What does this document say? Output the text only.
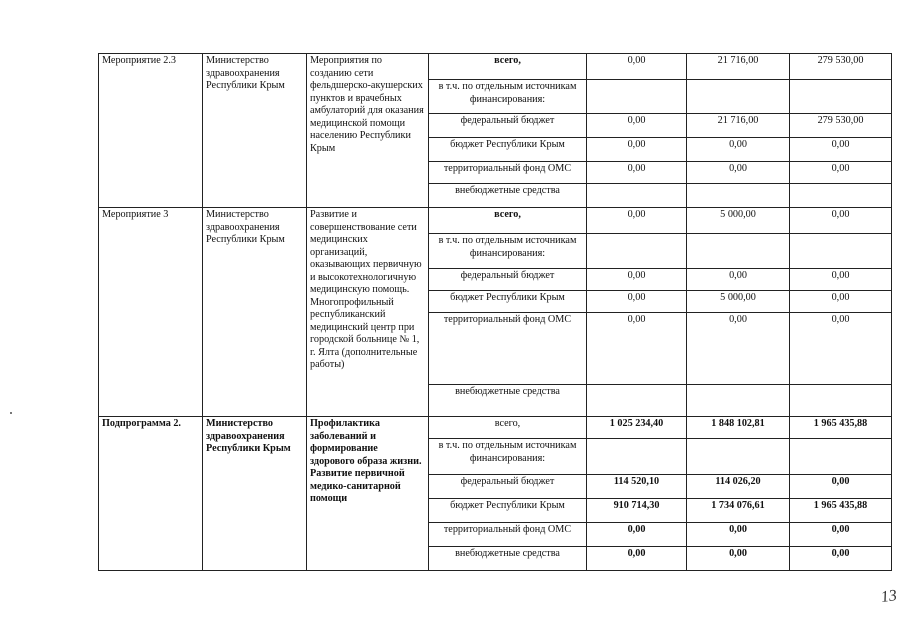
Мероприятие 2.3	Министерство здравоохранения Республики Крым	Мероприятия по созданию сети фельдшерско-акушерских пунктов и врачебных амбулаторий для оказания медицинской помощи населению Республики Крым	всего,	0,00	21 716,00	279 530,00
			в т.ч. по отдельным источникам финансирования:			
			федеральный бюджет	0,00	21 716,00	279 530,00
			бюджет Республики Крым	0,00	0,00	0,00
			территориальный фонд ОМС	0,00	0,00	0,00
			внебюджетные средства			
Мероприятие 3	Министерство здравоохранения Республики Крым	Развитие и совершенствование сети медицинских организаций, оказывающих первичную и высокотехнологичную медицинскую помощь. Многопрофильный республиканский медицинский центр при городской больнице № 1, г. Ялта (дополнительные работы)	всего,	0,00	5 000,00	0,00
			в т.ч. по отдельным источникам финансирования:			
			федеральный бюджет	0,00	0,00	0,00
			бюджет Республики Крым	0,00	5 000,00	0,00
			территориальный фонд ОМС	0,00	0,00	0,00
			внебюджетные средства			
Подпрограмма 2.	Министерство здравоохранения Республики Крым	Профилактика заболеваний и формирование здорового образа жизни. Развитие первичной медико-санитарной помощи	всего,	1 025 234,40	1 848 102,81	1 965 435,88
			в т.ч. по отдельным источникам финансирования:			
			федеральный бюджет	114 520,10	114 026,20	0,00
			бюджет Республики Крым	910 714,30	1 734 076,61	1 965 435,88
			территориальный фонд ОМС	0,00	0,00	0,00
			внебюджетные средства	0,00	0,00	0,00
13
